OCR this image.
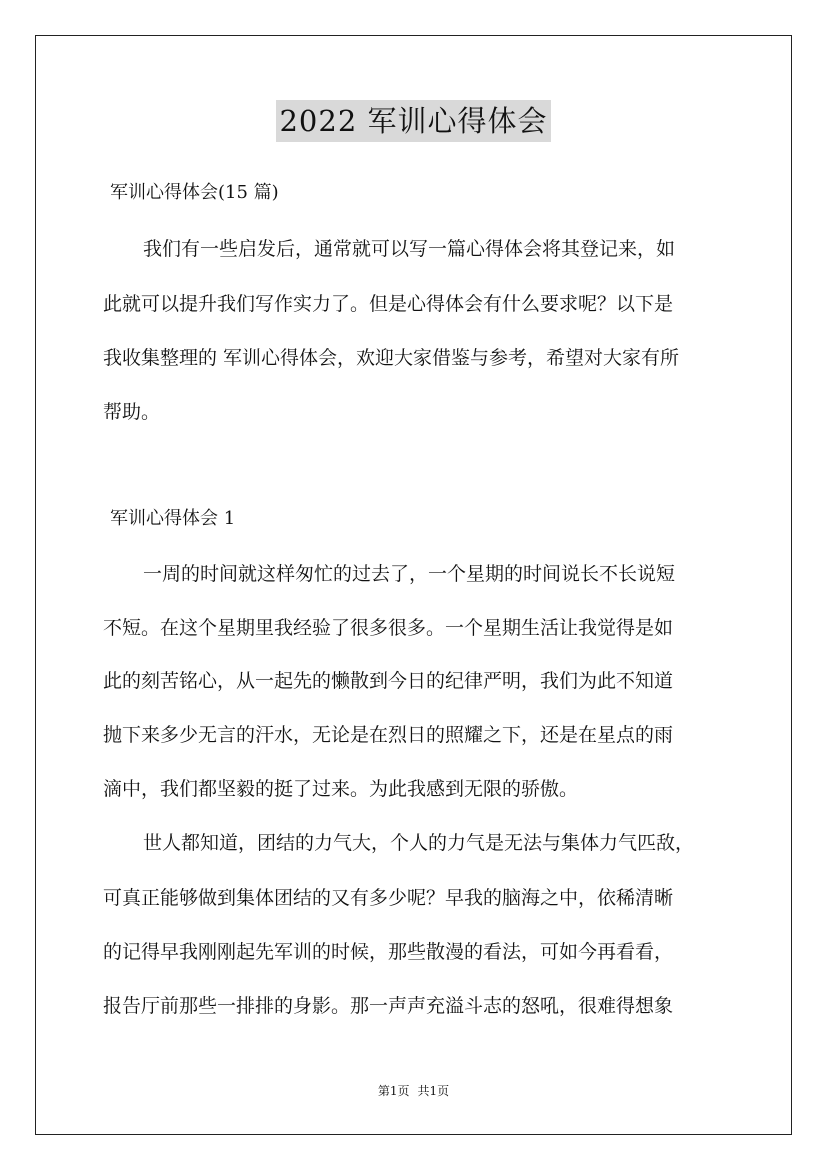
2022 军训心得体会
军训心得体会(15 篇)
我们有一些启发后，通常就可以写一篇心得体会将其登记来，如
此就可以提升我们写作实力了。但是心得体会有什么要求呢？以下是
我收集整理的 军训心得体会，欢迎大家借鉴与参考，希望对大家有所
帮助。
军训心得体会 1
一周的时间就这样匆忙的过去了，一个星期的时间说长不长说短
不短。在这个星期里我经验了很多很多。一个星期生活让我觉得是如
此的刻苦铭心，从一起先的懒散到今日的纪律严明，我们为此不知道
抛下来多少无言的汗水，无论是在烈日的照耀之下，还是在星点的雨
滴中，我们都坚毅的挺了过来。为此我感到无限的骄傲。
世人都知道，团结的力气大，个人的力气是无法与集体力气匹敌，
可真正能够做到集体团结的又有多少呢？早我的脑海之中，依稀清晰
的记得早我刚刚起先军训的时候，那些散漫的看法，可如今再看看，
报告厅前那些一排排的身影。那一声声充溢斗志的怒吼，很难得想象
第1页 共1页
